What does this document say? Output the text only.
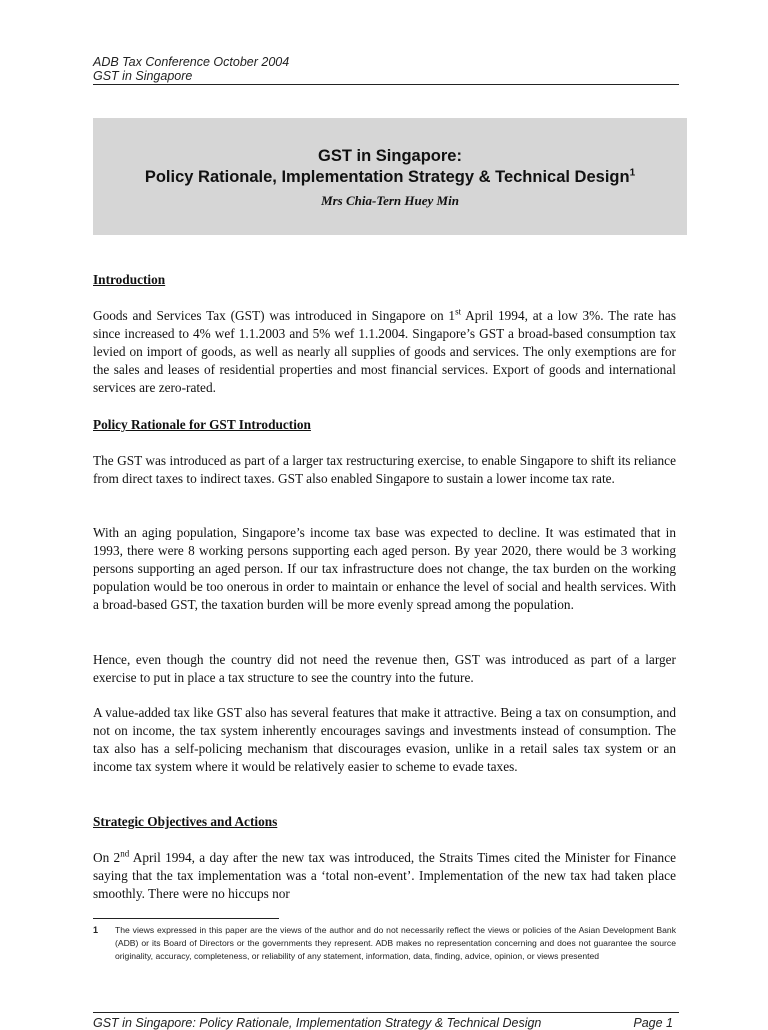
ADB Tax Conference October 2004
GST in Singapore
GST in Singapore:
Policy Rationale, Implementation Strategy & Technical Design$^1$
Mrs Chia-Tern Huey Min

Introduction

Goods and Services Tax (GST) was introduced in Singapore on 1st April 1994, at a low 3%. The rate has since increased to 4% wef 1.1.2003 and 5% wef 1.1.2004. Singapore’s GST a broad-based consumption tax levied on import of goods, as well as nearly all supplies of goods and services. The only exemptions are for the sales and leases of residential properties and most financial services. Export of goods and international services are zero-rated.

Policy Rationale for GST Introduction

The GST was introduced as part of a larger tax restructuring exercise, to enable Singapore to shift its reliance from direct taxes to indirect taxes. GST also enabled Singapore to sustain a lower income tax rate.

With an aging population, Singapore’s income tax base was expected to decline. It was estimated that in 1993, there were 8 working persons supporting each aged person. By year 2020, there would be 3 working persons supporting an aged person. If our tax infrastructure does not change, the tax burden on the working population would be too onerous in order to maintain or enhance the level of social and health services. With a broad-based GST, the taxation burden will be more evenly spread among the population.

Hence, even though the country did not need the revenue then, GST was introduced as part of a larger exercise to put in place a tax structure to see the country into the future.

A value-added tax like GST also has several features that make it attractive. Being a tax on consumption, and not on income, the tax system inherently encourages savings and investments instead of consumption. The tax also has a self-policing mechanism that discourages evasion, unlike in a retail sales tax system or an income tax system where it would be relatively easier to scheme to evade taxes.

Strategic Objectives and Actions

On 2nd April 1994, a day after the new tax was introduced, the Straits Times cited the Minister for Finance saying that the tax implementation was a ‘total non-event’. Implementation of the new tax had taken place smoothly. There were no hiccups nor

1 The views expressed in this paper are the views of the author and do not necessarily reflect the views or policies of the Asian Development Bank (ADB) or its Board of Directors or the governments they represent. ADB makes no representation concerning and does not guarantee the source originality, accuracy, completeness, or reliability of any statement, information, data, finding, advice, opinion, or views presented
GST in Singapore: Policy Rationale, Implementation Strategy & Technical Design	Page 1
